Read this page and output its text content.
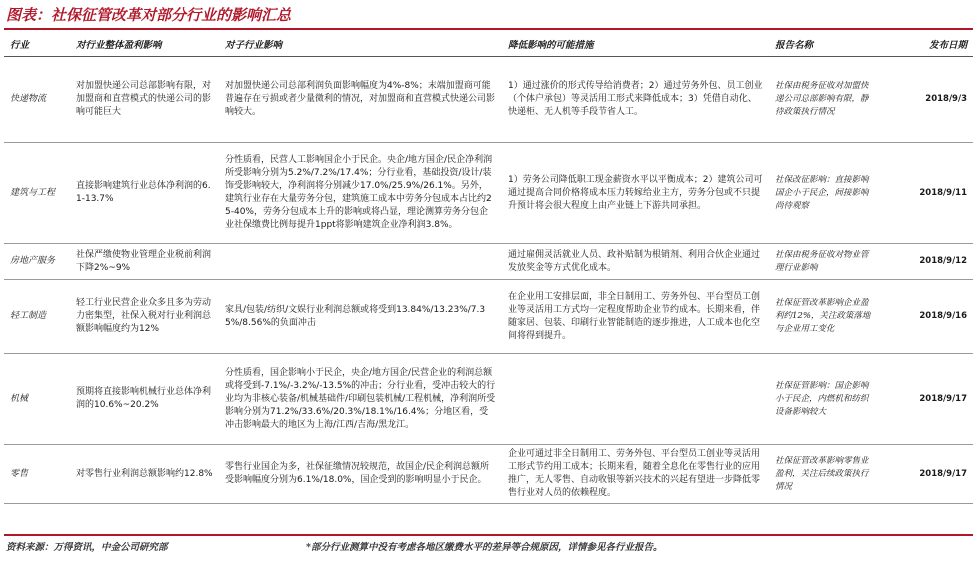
图表：社保征管改革对部分行业的影响汇总
行业	对行业整体盈利影响	对子行业影响	降低影响的可能措施	报告名称	发布日期
快递物流	对加盟快递公司总部影响有限，对加盟商和直营模式的快递公司的影响可能巨大	对加盟快递公司总部利润负面影响幅度为4%-8%；末端加盟商可能普遍存在亏损或者少量微利的情况，对加盟商和直营模式快递公司影响较大。	1）通过涨价的形式传导给消费者；2）通过劳务外包、员工创业（个体户承包）等灵活用工形式来降低成本；3）凭借自动化、快递柜、无人机等手段节省人工。	社保由税务征收对加盟快递公司总部影响有限，静待政策执行情况	2018/9/3
建筑与工程	直接影响建筑行业总体净利润的6.1-13.7%	分性质看，民营人工影响国企小于民企。央企/地方国企/民企净利润所受影响分别为5.2%/7.2%/17.4%；分行业看，基础投资/设计/装饰受影响较大，净利润将分别减少17.0%/25.9%/26.1%。另外，建筑行业存在大量劳务分包，建筑施工成本中劳务分包成本占比约25-40%，劳务分包成本上升的影响或将凸显，理论测算劳务分包企业社保缴费比例每提升1ppt将影响建筑企业净利润3.8%。	1）劳务公司降低职工现金薪资水平以平衡成本；2）建筑公司可通过提高合同价格将成本压力转嫁给业主方，劳务分包或不只提升预计将会很大程度上由产业链上下游共同承担。	社保改征影响：直接影响国企小于民企，间接影响尚待观察	2018/9/11
房地产服务	社保严缴使物业管理企业税前利润下降2%~9%		通过雇佣灵活就业人员、政补贴制为根销剂、利用合伙企业通过发放奖金等方式优化成本。	社保由税务征收对物业管理行业影响	2018/9/12
轻工制造	轻工行业民营企业众多且多为劳动力密集型，社保入税对行业利润总额影响幅度约为12%	家具/包装/纺织/文娱行业利润总额或将受到13.84%/13.23%/7.35%/8.56%的负面冲击	在企业用工安排层面，非全日制用工、劳务外包、平台型员工创业等灵活用工方式均一定程度帮助企业节约成本。长期来看，伴随家居、包装、印刷行业智能制造的逐步推进，人工成本也化空间将得到提升。	社保征管改革影响企业盈利约12%，关注政策落地与企业用工变化	2018/9/16
机械	预期将直接影响机械行业总体净利润的10.6%~20.2%	分性质看，国企影响小于民企，央企/地方国企/民营企业的利润总额或将受到-7.1%/-3.2%/-13.5%的冲击；分行业看，受冲击较大的行业均为非核心装备/机械基础件/印刷包装机械/工程机械，净利润所受影响分别为71.2%/33.6%/20.3%/18.1%/16.4%；分地区看，受冲击影响最大的地区为上海/江西/吉海/黑龙江。		社保征管影响：国企影响小于民企，内燃机和纺织设备影响较大	2018/9/17
零售	对零售行业利润总额影响约12.8%	零售行业国企为多，社保征缴情况较规范，故国企/民企利润总额所受影响幅度分别为6.1%/18.0%，国企受到的影响明显小于民企。	企业可通过非全日制用工、劳务外包、平台型员工创业等灵活用工形式节约用工成本；长期来看，随着全息化在零售行业的应用推广，无人零售、自动收银等新兴技术的兴起有望进一步降低零售行业对人员的依赖程度。	社保征管改革影响零售业盈利，关注后续政策执行情况	2018/9/17
资料来源：万得资讯，中金公司研究部	*部分行业测算中没有考虑各地区缴费水平的差异等合规原因，详情参见各行业报告。
